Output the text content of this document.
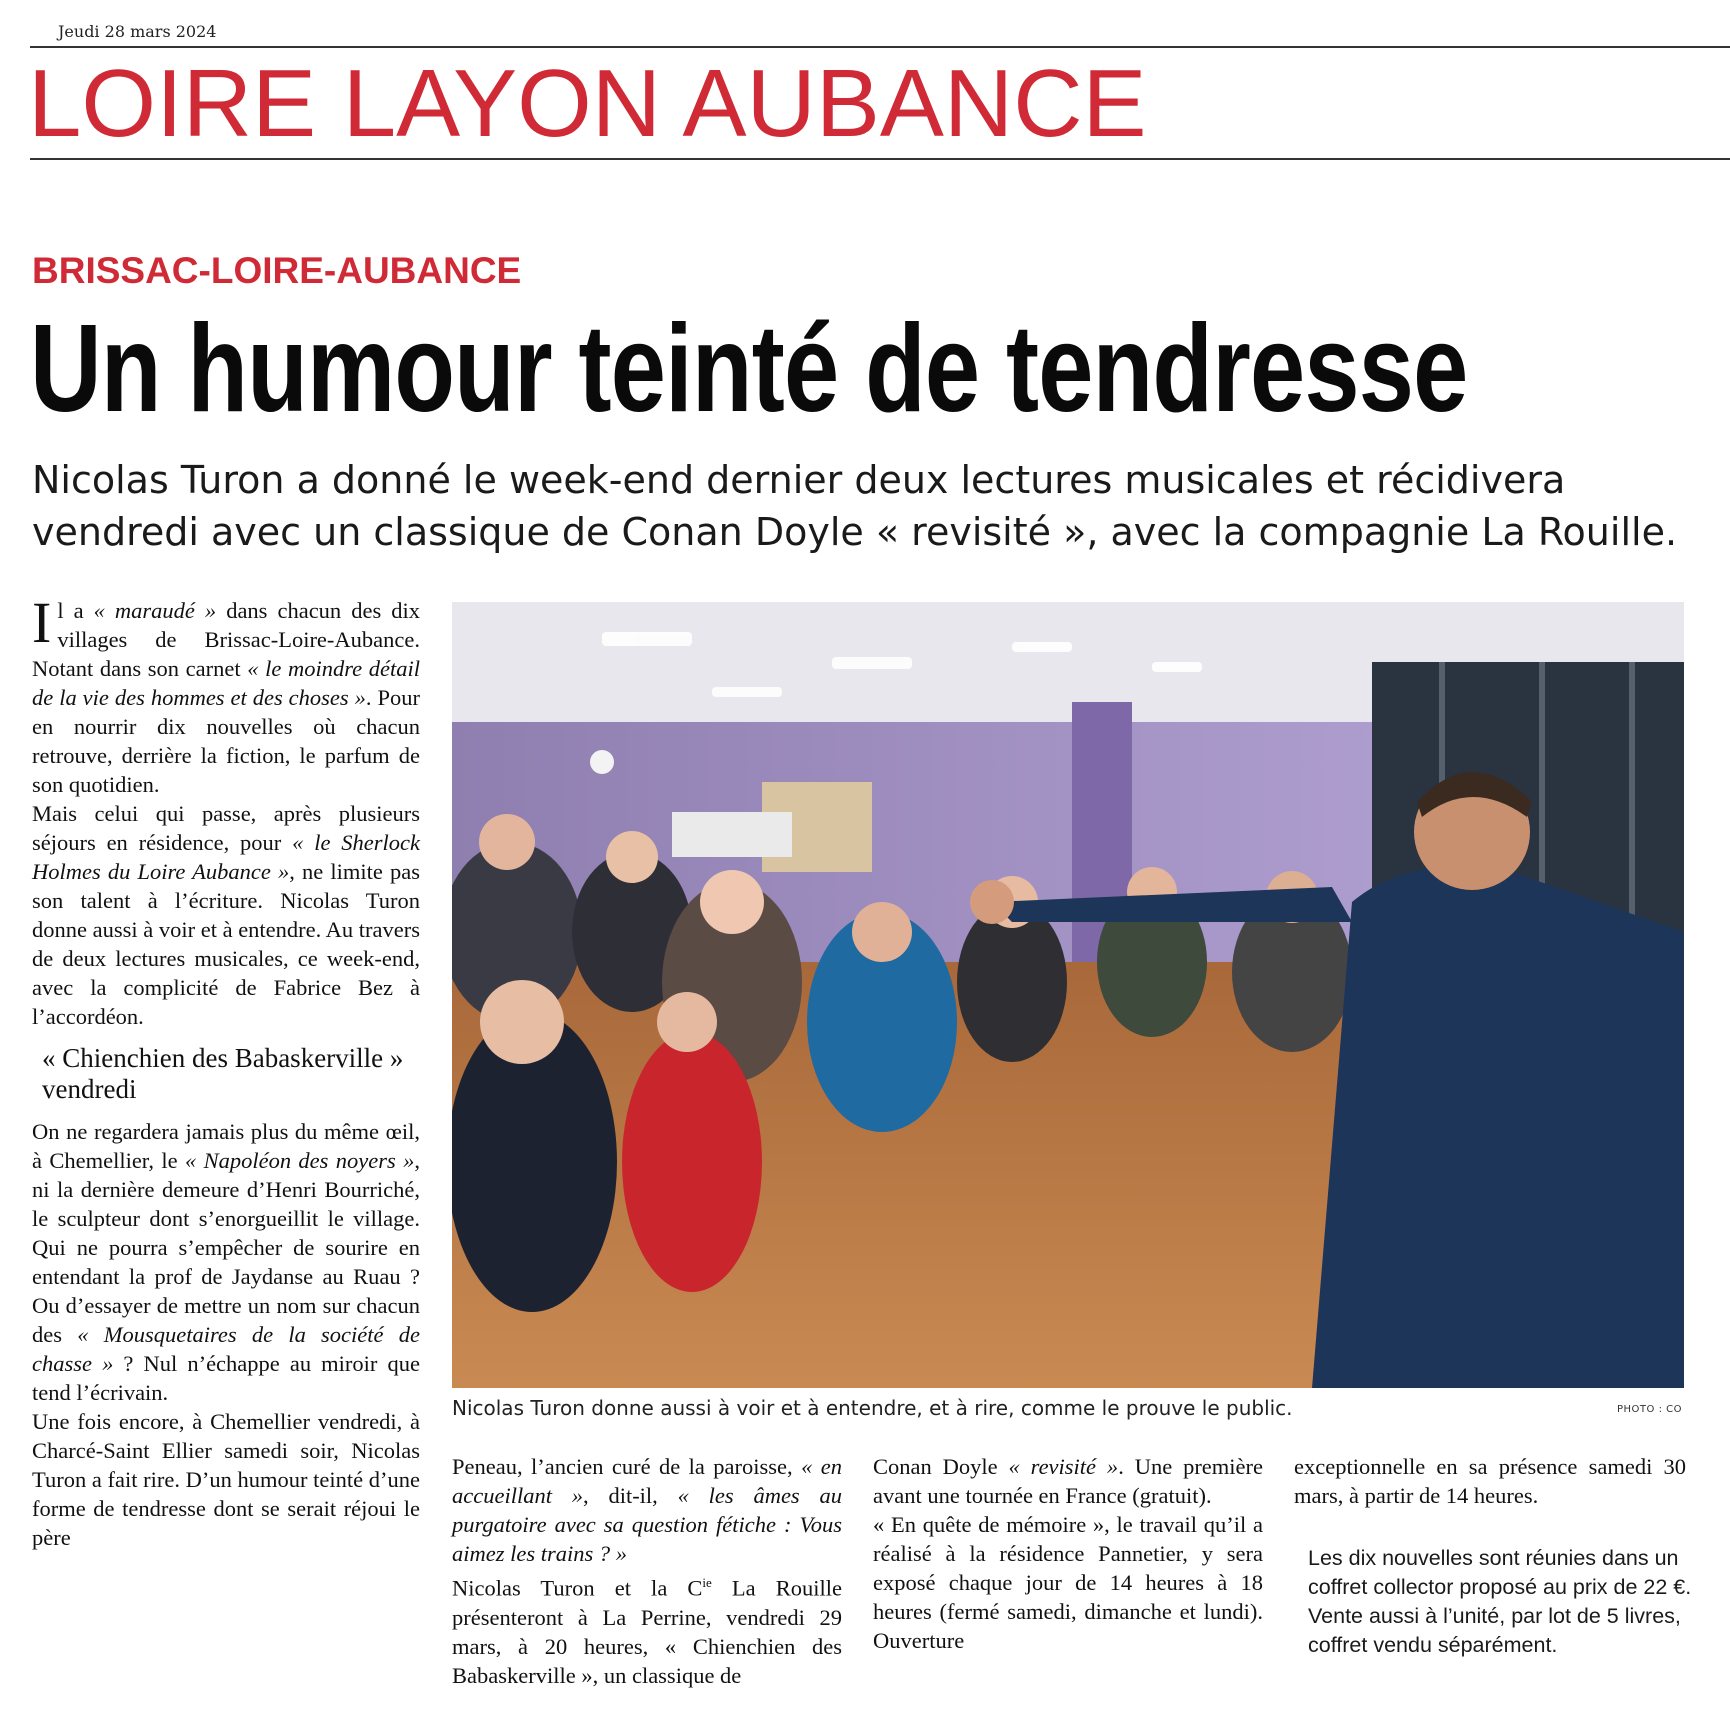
Jeudi 28 mars 2024
LOIRE LAYON AUBANCE
BRISSAC-LOIRE-AUBANCE
Un humour teinté de tendresse
Nicolas Turon a donné le week-end dernier deux lectures musicales et récidivera vendredi avec un classique de Conan Doyle « revisité », avec la compagnie La Rouille.

Il a « maraudé » dans chacun des dix villages de Brissac-Loire-Aubance. Notant dans son carnet « le moindre détail de la vie des hommes et des choses ». Pour en nourrir dix nouvelles où chacun retrouve, derrière la fiction, le parfum de son quotidien.

Mais celui qui passe, après plusieurs séjours en résidence, pour « le Sherlock Holmes du Loire Aubance », ne limite pas son talent à l’écriture. Nicolas Turon donne aussi à voir et à entendre. Au travers de deux lectures musicales, ce week-end, avec la complicité de Fabrice Bez à l’accordéon.

« Chienchien des Babaskerville » vendredi

On ne regardera jamais plus du même œil, à Chemellier, le « Napoléon des noyers », ni la dernière demeure d’Henri Bourriché, le sculpteur dont s’enorgueillit le village. Qui ne pourra s’empêcher de sourire en entendant la prof de Jaydanse au Ruau ? Ou d’essayer de mettre un nom sur chacun des « Mousquetaires de la société de chasse » ? Nul n’échappe au miroir que tend l’écrivain.

Une fois encore, à Chemellier vendredi, à Charcé-Saint Ellier samedi soir, Nicolas Turon a fait rire. D’un humour teinté d’une forme de tendresse dont se serait réjoui le père

Nicolas Turon donne aussi à voir et à entendre, et à rire, comme le prouve le public.	PHOTO : CO

Peneau, l’ancien curé de la paroisse, « en accueillant », dit-il, « les âmes au purgatoire avec sa question fétiche : Vous aimez les trains ? »

Nicolas Turon et la $C^{ie}$ La Rouille présenteront à La Perrine, vendredi 29 mars, à 20 heures, « Chienchien des Babaskerville », un classique de

Conan Doyle « revisité ». Une première avant une tournée en France (gratuit).

« En quête de mémoire », le travail qu’il a réalisé à la résidence Pannetier, y sera exposé chaque jour de 14 heures à 18 heures (fermé samedi, dimanche et lundi). Ouverture

exceptionnelle en sa présence samedi 30 mars, à partir de 14 heures.

Les dix nouvelles sont réunies dans un coffret collector proposé au prix de 22 €. Vente aussi à l’unité, par lot de 5 livres, coffret vendu séparément.
